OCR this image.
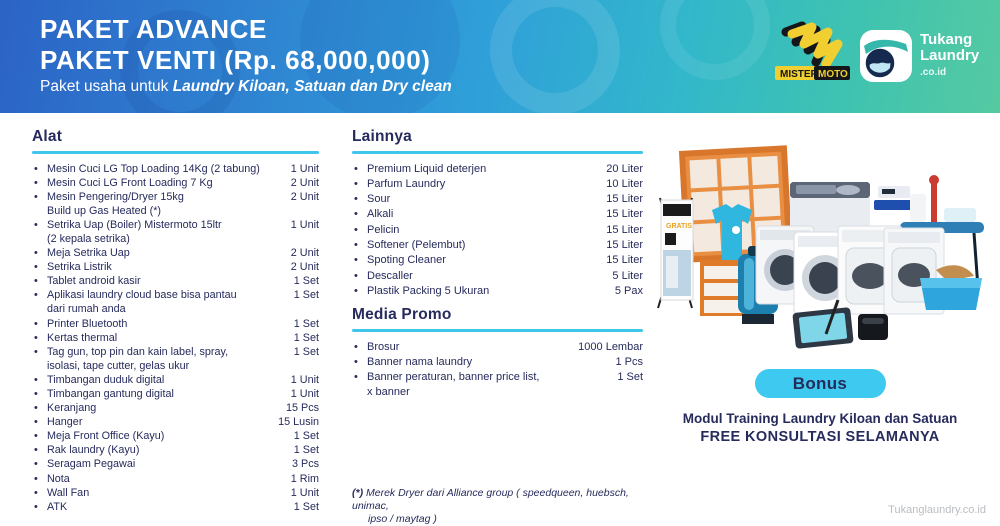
PAKET ADVANCE
PAKET VENTI (Rp. 68,000,000)
Paket usaha untuk Laundry Kiloan, Satuan dan Dry clean
MISTER MOTO
Tukang
Laundry
.co.id
Alat
• Mesin Cuci LG Top Loading 14Kg (2 tabung)	1 Unit
• Mesin Cuci LG Front Loading 7 Kg	2 Unit
• Mesin Pengering/Dryer 15kg
Build up Gas Heated (*)
2 Unit
• Setrika Uap (Boiler) Mistermoto 15ltr
(2 kepala setrika)
1 Unit
• Meja Setrika Uap	2 Unit
• Setrika Listrik	2 Unit
• Tablet android kasir	1 Set
• Aplikasi laundry cloud base bisa pantau
dari rumah anda
1 Set
• Printer Bluetooth	1 Set
• Kertas thermal	1 Set
• Tag gun, top pin dan kain label, spray,
isolasi, tape cutter, gelas ukur
1 Set
• Timbangan duduk digital	1 Unit
• Timbangan gantung digital	1 Unit
• Keranjang	15 Pcs
• Hanger	15 Lusin
• Meja Front Office (Kayu)	1 Set
• Rak laundry (Kayu)	1 Set
• Seragam Pegawai	3 Pcs
• Nota	1 Rim
• Wall Fan	1 Unit
• ATK	1 Set
Lainnya
• Premium Liquid deterjen	20 Liter
• Parfum Laundry	10 Liter
• Sour	15 Liter
• Alkali	15 Liter
• Pelicin	15 Liter
• Softener (Pelembut)	15 Liter
• Spoting Cleaner	15 Liter
• Descaller	5 Liter
• Plastik Packing 5 Ukuran	5 Pax
Media Promo
• Brosur	1000 Lembar
• Banner nama laundry	1 Pcs
• Banner peraturan, banner price list,
x banner
1 Set
GRATIS
Bonus
Modul Training Laundry Kiloan dan Satuan
FREE KONSULTASI SELAMANYA
(*) Merek Dryer dari Alliance group ( speedqueen, huebsch, unimac,
ipso / maytag )
Tukanglaundry.co.id
